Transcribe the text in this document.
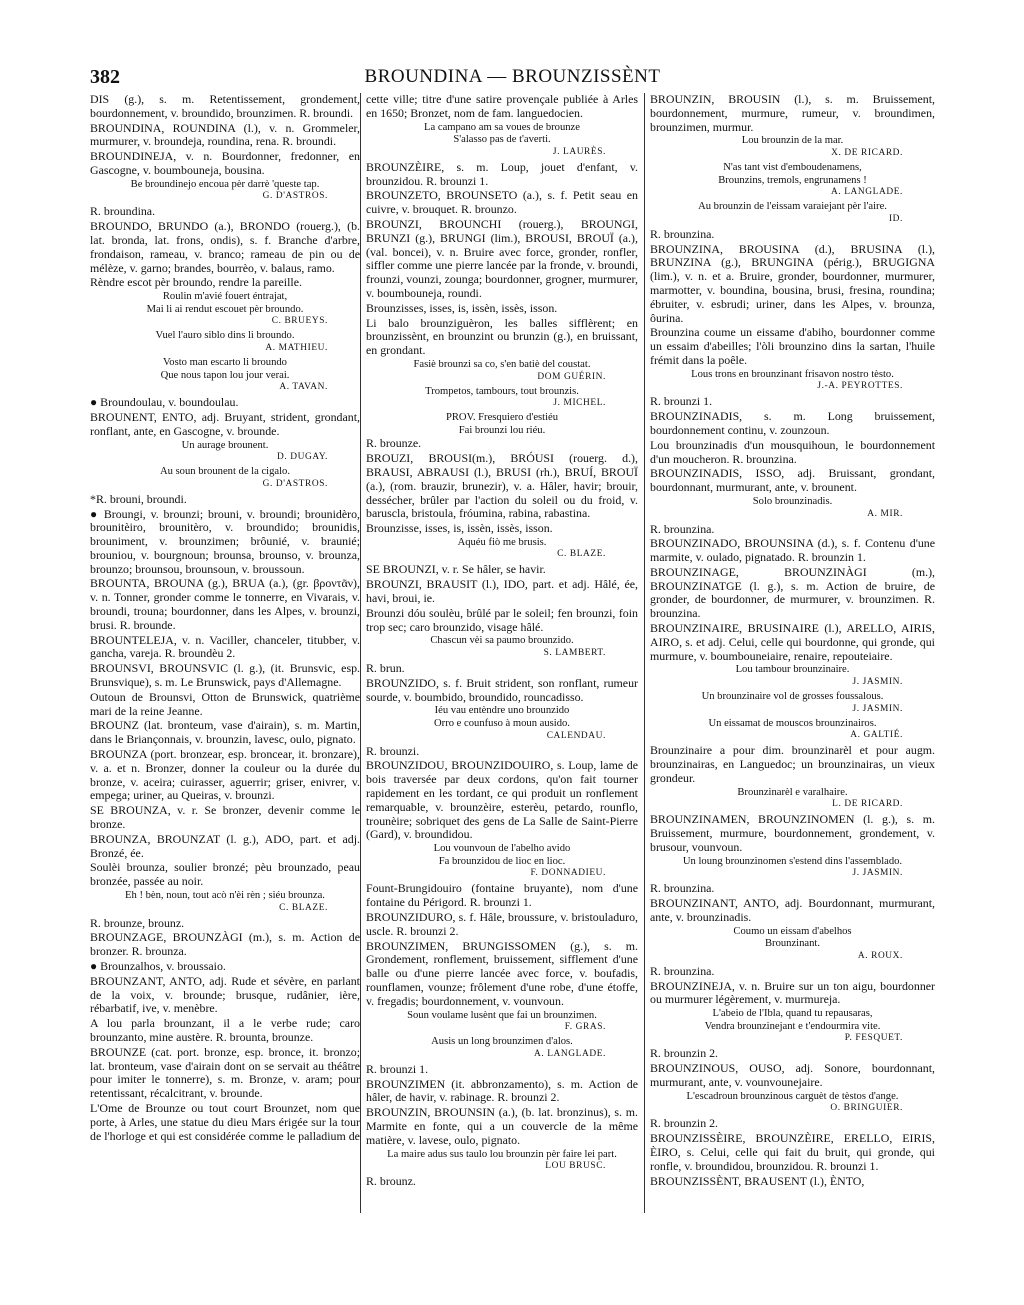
382	BROUNDINA — BROUNZISSÈNT
DIS (g.), s. m. Retentissement, grondement, bourdonnement, v. broundido, brounzimen. R. broundi.
BROUNDINA, ROUNDINA (l.), v. n. Grommeler, murmurer, v. broundeja, roundina, rena. R. broundi.
BROUNDINEJA, v. n. Bourdonner, fredonner, en Gascogne, v. boumbouneja, bousina.
Be broundinejo encoua pèr darrè 'queste tap.
G. D'ASTROS.
R. broundina.
BROUNDO, BRUNDO (a.), BRONDO (rouerg.), (b. lat. bronda, lat. frons, ondis), s. f. Branche d'arbre, frondaison, rameau, v. branco; rameau de pin ou de mélèze, v. garno; brandes, bourrèo, v. balaus, ramo.
Rèndre escot pèr broundo, rendre la pareille.
Roulin m'avié fouert éntrajat,
Mai li ai rendut escouet pèr broundo.
C. BRUEYS.
Vuel l'auro siblo dins li broundo.
A. MATHIEU.
Vosto man escarto li broundo
Que nous tapon lou jour verai.
A. TAVAN.
● Broundoulau, v. boundoulau.
BROUNENT, ENTO, adj. Bruyant, strident, grondant, ronflant, ante, en Gascogne, v. brounde.
Un aurage brounent.
D. DUGAY.
Au soun brounent de la cigalo.
G. D'ASTROS.
*R. brouni, broundi.
● Broungi, v. brounzi; brouni, v. broundi; brounidèro, brounitèiro, brounitèro, v. broundido; brounidis, brouniment, v. brounzimen; brôunié, v. braunié; brouniou, v. bourgnoun; brounsa, brounso, v. brounza, brounzo; brounsou, brounsoun, v. broussoun.
BROUNTA, BROUNA (g.), BRUA (a.), (gr. βροντᾶν), v. n. Tonner, gronder comme le tonnerre, en Vivarais, v. broundi, trouna; bourdonner, dans les Alpes, v. brounzi, brusi. R. brounde.
BROUNTELEJA, v. n. Vaciller, chanceler, titubber, v. gancha, vareja. R. broundèu 2.
BROUNSVI, BROUNSVIC (l. g.), (it. Brunsvic, esp. Brunsvique), s. m. Le Brunswick, pays d'Allemagne.
Outoun de Brounsvi, Otton de Brunswick, quatrième mari de la reine Jeanne.
BROUNZ (lat. bronteum, vase d'airain), s. m. Martin, dans le Briançonnais, v. brounzin, lavesc, oulo, pignato.
BROUNZA (port. bronzear, esp. broncear, it. bronzare), v. a. et n. Bronzer, donner la couleur ou la durée du bronze, v. aceira; cuirasser, aguerrir; griser, enivrer, v. empega; uriner, au Queiras, v. brounzi.
SE BROUNZA, v. r. Se bronzer, devenir comme le bronze.
BROUNZA, BROUNZAT (l. g.), ADO, part. et adj. Bronzé, ée.
Soulèi brounza, soulier bronzé; pèu brounzado, peau bronzée, passée au noir.
Eh ! bèn, noun, tout acò n'èi rèn ; siéu brounza.
C. BLAZE.
R. brounze, brounz.
BROUNZAGE, BROUNZÀGI (m.), s. m. Action de bronzer. R. brounza.
● Brounzalhos, v. broussaio.
BROUNZANT, ANTO, adj. Rude et sévère, en parlant de la voix, v. brounde; brusque, rudânier, ière, rébarbatif, ive, v. menèbre.
A lou parla brounzant, il a le verbe rude; caro brounzanto, mine austère. R. brounta, brounze.
BROUNZE (cat. port. bronze, esp. bronce, it. bronzo; lat. bronteum, vase d'airain dont on se servait au théâtre pour imiter le tonnerre), s. m. Bronze, v. aram; pour retentissant, récalcitrant, v. brounde.
L'Ome de Brounze ou tout court Brounzet, nom que porte, à Arles, une statue du dieu Mars érigée sur la tour de l'horloge et qui est considérée comme le palladium de
cette ville; titre d'une satire provençale publiée à Arles en 1650; Bronzet, nom de fam. languedocien.
La campano am sa voues de brounze
S'alasso pas de t'averti.
J. LAURÈS.
BROUNZÈIRE, s. m. Loup, jouet d'enfant, v. brounzidou. R. brounzi 1.
BROUNZETO, BROUNSETO (a.), s. f. Petit seau en cuivre, v. brouquet. R. brounzo.
BROUNZI, BROUNCHI (rouerg.), BROUNGI, BRUNZI (g.), BRUNGI (lim.), BROUSI, BROUÏ (a.), (val. boncei), v. n. Bruire avec force, gronder, ronfler, siffler comme une pierre lancée par la fronde, v. broundi, frounzi, vounzi, zounga; bourdonner, grogner, murmurer, v. boumbouneja, roundi.
Brounzisses, isses, is, issèn, issès, isson.
Li balo brounziguèron, les balles sifflèrent; en brounzissènt, en brounzint ou brunzin (g.), en bruissant, en grondant.
Fasiè brounzi sa co, s'en batiè del coustat.
DOM GUÉRIN.
Trompetos, tambours, tout brounzis.
J. MICHEL.
PROV. Fresquiero d'estiéu
Fai brounzi lou riéu.
R. brounze.
BROUZI, BROUSI(m.), BRÓUSI (rouerg. d.), BRAUSI, ABRAUSI (l.), BRUSI (rh.), BRUÍ, BROUÏ (a.), (rom. brauzir, brunezir), v. a. Hâler, havir; brouir, dessécher, brûler par l'action du soleil ou du froid, v. baruscla, bristoula, fróumina, rabina, rabastina.
Brounzisse, isses, is, issèn, issès, isson.
Aquéu fiò me brusis.
C. BLAZE.
SE BROUNZI, v. r. Se hâler, se havir.
BROUNZI, BRAUSIT (l.), IDO, part. et adj. Hâlé, ée, havi, broui, ie.
Brounzi dóu soulèu, brûlé par le soleil; fen brounzi, foin trop sec; caro brounzido, visage hâlé.
Chascun vèi sa paumo brounzido.
S. LAMBERT.
R. brun.
BROUNZIDO, s. f. Bruit strident, son ronflant, rumeur sourde, v. boumbido, broundido, rouncadisso.
Iéu vau entèndre uno brounzido
Orro e counfuso à moun ausido.
CALENDAU.
R. brounzi.
BROUNZIDOU, BROUNZIDOUIRO, s. Loup, lame de bois traversée par deux cordons, qu'on fait tourner rapidement en les tordant, ce qui produit un ronflement remarquable, v. brounzèire, esterèu, petardo, rounflo, trounèire; sobriquet des gens de La Salle de Saint-Pierre (Gard), v. broundidou.
Lou vounvoun de l'abelho avido
Fa brounzidou de lioc en lioc.
F. DONNADIEU.
Fount-Brungidouiro (fontaine bruyante), nom d'une fontaine du Périgord. R. brounzi 1.
BROUNZIDURO, s. f. Hâle, broussure, v. bristouladuro, uscle. R. brounzi 2.
BROUNZIMEN, BRUNGISSOMEN (g.), s. m. Grondement, ronflement, bruissement, sifflement d'une balle ou d'une pierre lancée avec force, v. boufadis, rounflamen, vounze; frôlement d'une robe, d'une étoffe, v. fregadis; bourdonnement, v. vounvoun.
Soun voulame lusènt que fai un brounzimen.
F. GRAS.
Ausis un long brounzimen d'alos.
A. LANGLADE.
R. brounzi 1.
BROUNZIMEN (it. abbronzamento), s. m. Action de hâler, de havir, v. rabinage. R. brounzi 2.
BROUNZIN, BROUNSIN (a.), (b. lat. bronzinus), s. m. Marmite en fonte, qui a un couvercle de la même matière, v. lavese, oulo, pignato.
La maire adus sus taulo lou brounzin pèr faire lei part.
LOU BRUSC.
R. brounz.
BROUNZIN, BROUSIN (l.), s. m. Bruissement, bourdonnement, murmure, rumeur, v. broundimen, brounzimen, murmur.
Lou brounzin de la mar.
X. DE RICARD.
N'as tant vist d'emboudenamens,
Brounzins, tremols, engrunamens !
A. LANGLADE.
Au brounzin de l'eissam varaiejant pèr l'aire.
ID.
R. brounzina.
BROUNZINA, BROUSINA (d.), BRUSINA (l.), BRUNZINA (g.), BRUNGINA (périg.), BRUGIGNA (lim.), v. n. et a. Bruire, gronder, bourdonner, murmurer, marmotter, v. boundina, bousina, brusi, fresina, roundina; ébruiter, v. esbrudi; uriner, dans les Alpes, v. brounza, ôurina.
Brounzina coume un eissame d'abiho, bourdonner comme un essaim d'abeilles; l'òli brounzino dins la sartan, l'huile frémit dans la poêle.
Lous trons en brounzinant frisavon nostro tèsto.
J.-A. PEYROTTES.
R. brounzi 1.
BROUNZINADIS, s. m. Long bruissement, bourdonnement continu, v. zounzoun.
Lou brounzinadis d'un mousquihoun, le bourdonnement d'un moucheron. R. brounzina.
BROUNZINADIS, ISSO, adj. Bruissant, grondant, bourdonnant, murmurant, ante, v. brounent.
Solo brounzinadis.
A. MIR.
R. brounzina.
BROUNZINADO, BROUNSINA (d.), s. f. Contenu d'une marmite, v. oulado, pignatado. R. brounzin 1.
BROUNZINAGE, BROUNZINÀGI (m.), BROUNZINATGE (l. g.), s. m. Action de bruire, de gronder, de bourdonner, de murmurer, v. brounzimen. R. brounzina.
BROUNZINAIRE, BRUSINAIRE (l.), ARELLO, AIRIS, AIRO, s. et adj. Celui, celle qui bourdonne, qui gronde, qui murmure, v. boumbouneiaire, renaire, repouteiaire.
Lou tambour brounzinaire.
J. JASMIN.
Un brounzinaire vol de grosses foussalous.
J. JASMIN.
Un eissamat de mouscos brounzinairos.
A. GALTIÉ.
Brounzinaire a pour dim. brounzinarèl et pour augm. brounzinairas, en Languedoc; un brounzinairas, un vieux grondeur.
Brounzinarèl e varalhaire.
L. DE RICARD.
BROUNZINAMEN, BROUNZINOMEN (l. g.), s. m. Bruissement, murmure, bourdonnement, grondement, v. brusour, vounvoun.
Un loung brounzinomen s'estend dins l'assemblado.
J. JASMIN.
R. brounzina.
BROUNZINANT, ANTO, adj. Bourdonnant, murmurant, ante, v. brounzinadis.
Coumo un eissam d'abelhos
Brounzinant.
A. ROUX.
R. brounzina.
BROUNZINEJA, v. n. Bruire sur un ton aigu, bourdonner ou murmurer légèrement, v. murmureja.
L'abeio de l'Ibla, quand tu repausaras,
Vendra brounzinejant e t'endourmira vite.
P. FESQUET.
R. brounzin 2.
BROUNZINOUS, OUSO, adj. Sonore, bourdonnant, murmurant, ante, v. vounvounejaire.
L'escadroun brounzinous carguèt de tèstos d'ange.
O. BRINGUIER.
R. brounzin 2.
BROUNZISSÈIRE, BROUNZÈIRE, ERELLO, EIRIS, ÈIRO, s. Celui, celle qui fait du bruit, qui gronde, qui ronfle, v. broundidou, brounzidou. R. brounzi 1.
BROUNZISSÈNT, BRAUSENT (l.), ÈNTO,
